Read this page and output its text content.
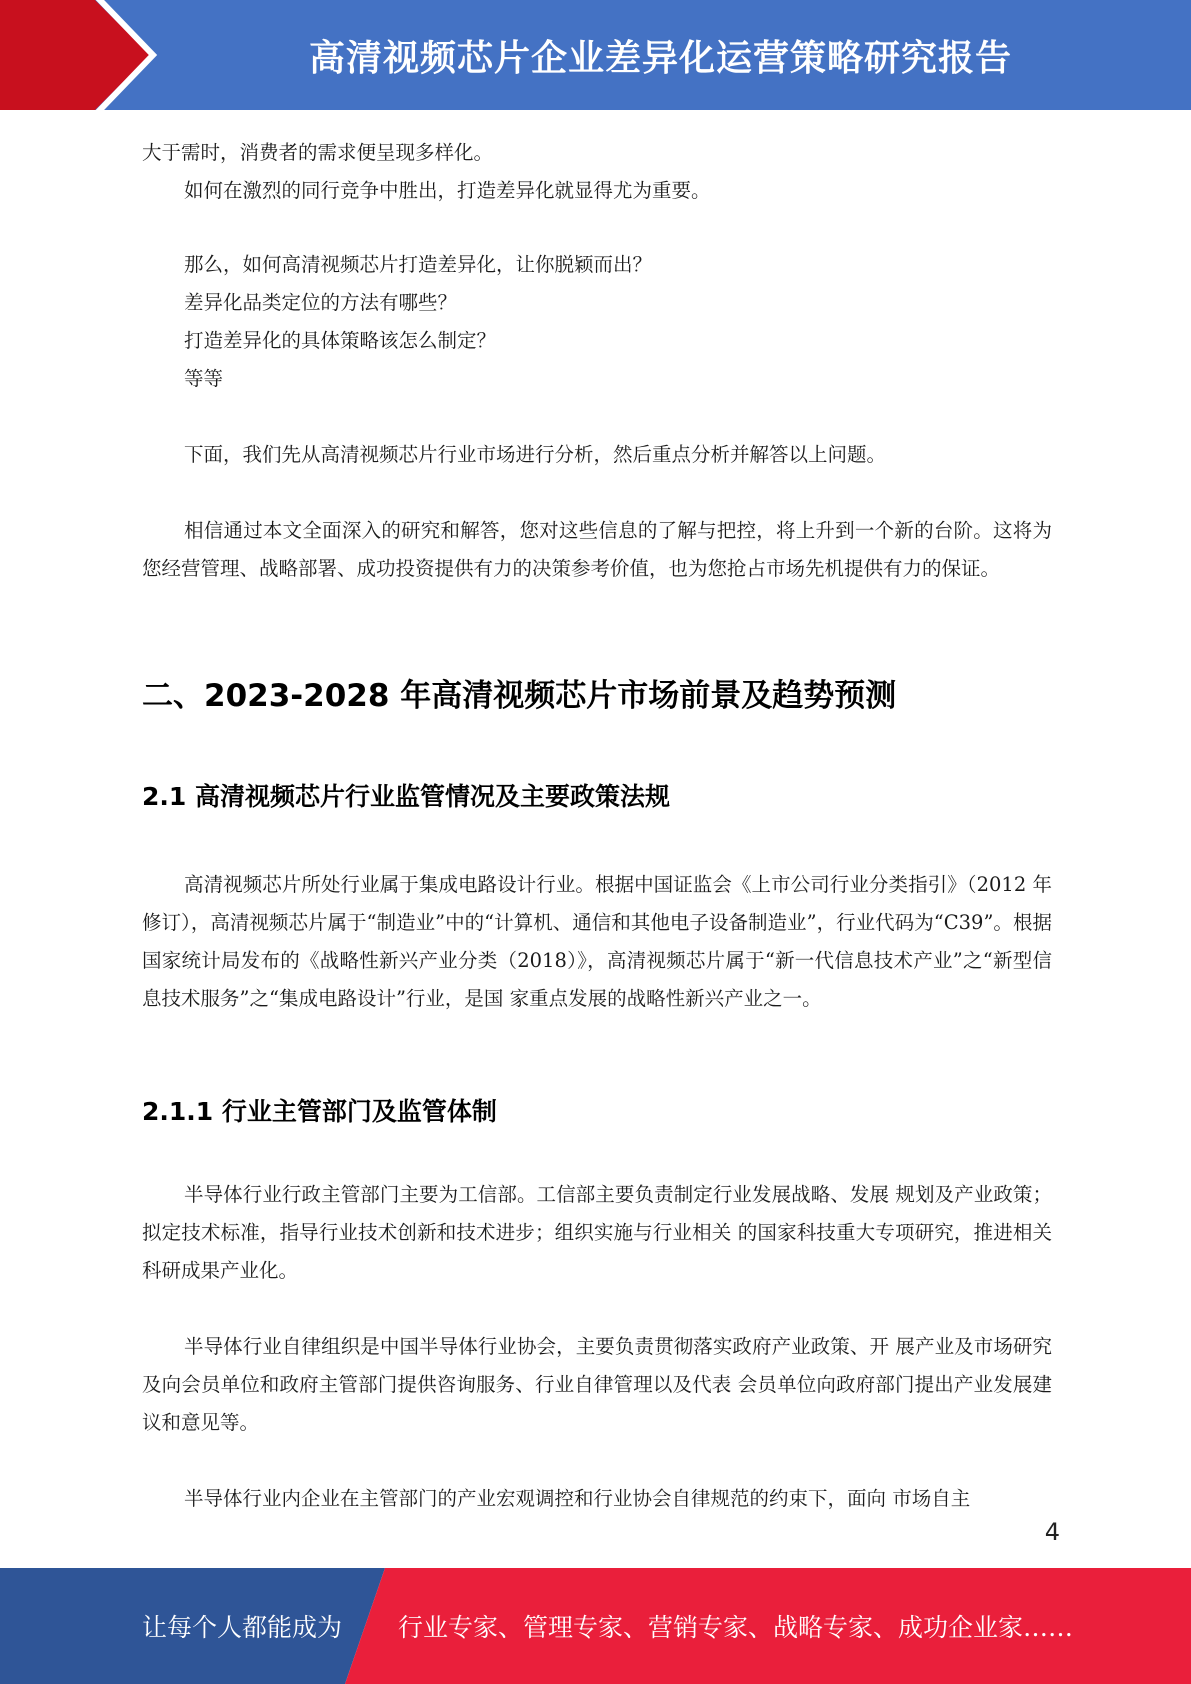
高清视频芯片企业差异化运营策略研究报告
大于需时，消费者的需求便呈现多样化。
如何在激烈的同行竞争中胜出，打造差异化就显得尤为重要。
那么，如何高清视频芯片打造差异化，让你脱颖而出？
差异化品类定位的方法有哪些？
打造差异化的具体策略该怎么制定？
等等
下面，我们先从高清视频芯片行业市场进行分析，然后重点分析并解答以上问题。
相信通过本文全面深入的研究和解答，您对这些信息的了解与把控，将上升到一个新的台阶。这将为您经营管理、战略部署、成功投资提供有力的决策参考价值，也为您抢占市场先机提供有力的保证。
二、2023-2028 年高清视频芯片市场前景及趋势预测
2.1 高清视频芯片行业监管情况及主要政策法规
高清视频芯片所处行业属于集成电路设计行业。根据中国证监会《上市公司行业分类指引》（2012 年修订），高清视频芯片属于“制造业”中的“计算机、通信和其他电子设备制造业”，行业代码为“C39”。根据国家统计局发布的《战略性新兴产业分类（2018）》，高清视频芯片属于“新一代信息技术产业”之“新型信息技术服务”之“集成电路设计”行业，是国 家重点发展的战略性新兴产业之一。
2.1.1 行业主管部门及监管体制
半导体行业行政主管部门主要为工信部。工信部主要负责制定行业发展战略、发展 规划及产业政策；拟定技术标准，指导行业技术创新和技术进步；组织实施与行业相关 的国家科技重大专项研究，推进相关科研成果产业化。
半导体行业自律组织是中国半导体行业协会，主要负责贯彻落实政府产业政策、开 展产业及市场研究及向会员单位和政府主管部门提供咨询服务、行业自律管理以及代表 会员单位向政府部门提出产业发展建议和意见等。
半导体行业内企业在主管部门的产业宏观调控和行业协会自律规范的约束下，面向 市场自主
4
让每个人都能成为 行业专家、管理专家、营销专家、战略专家、成功企业家……
